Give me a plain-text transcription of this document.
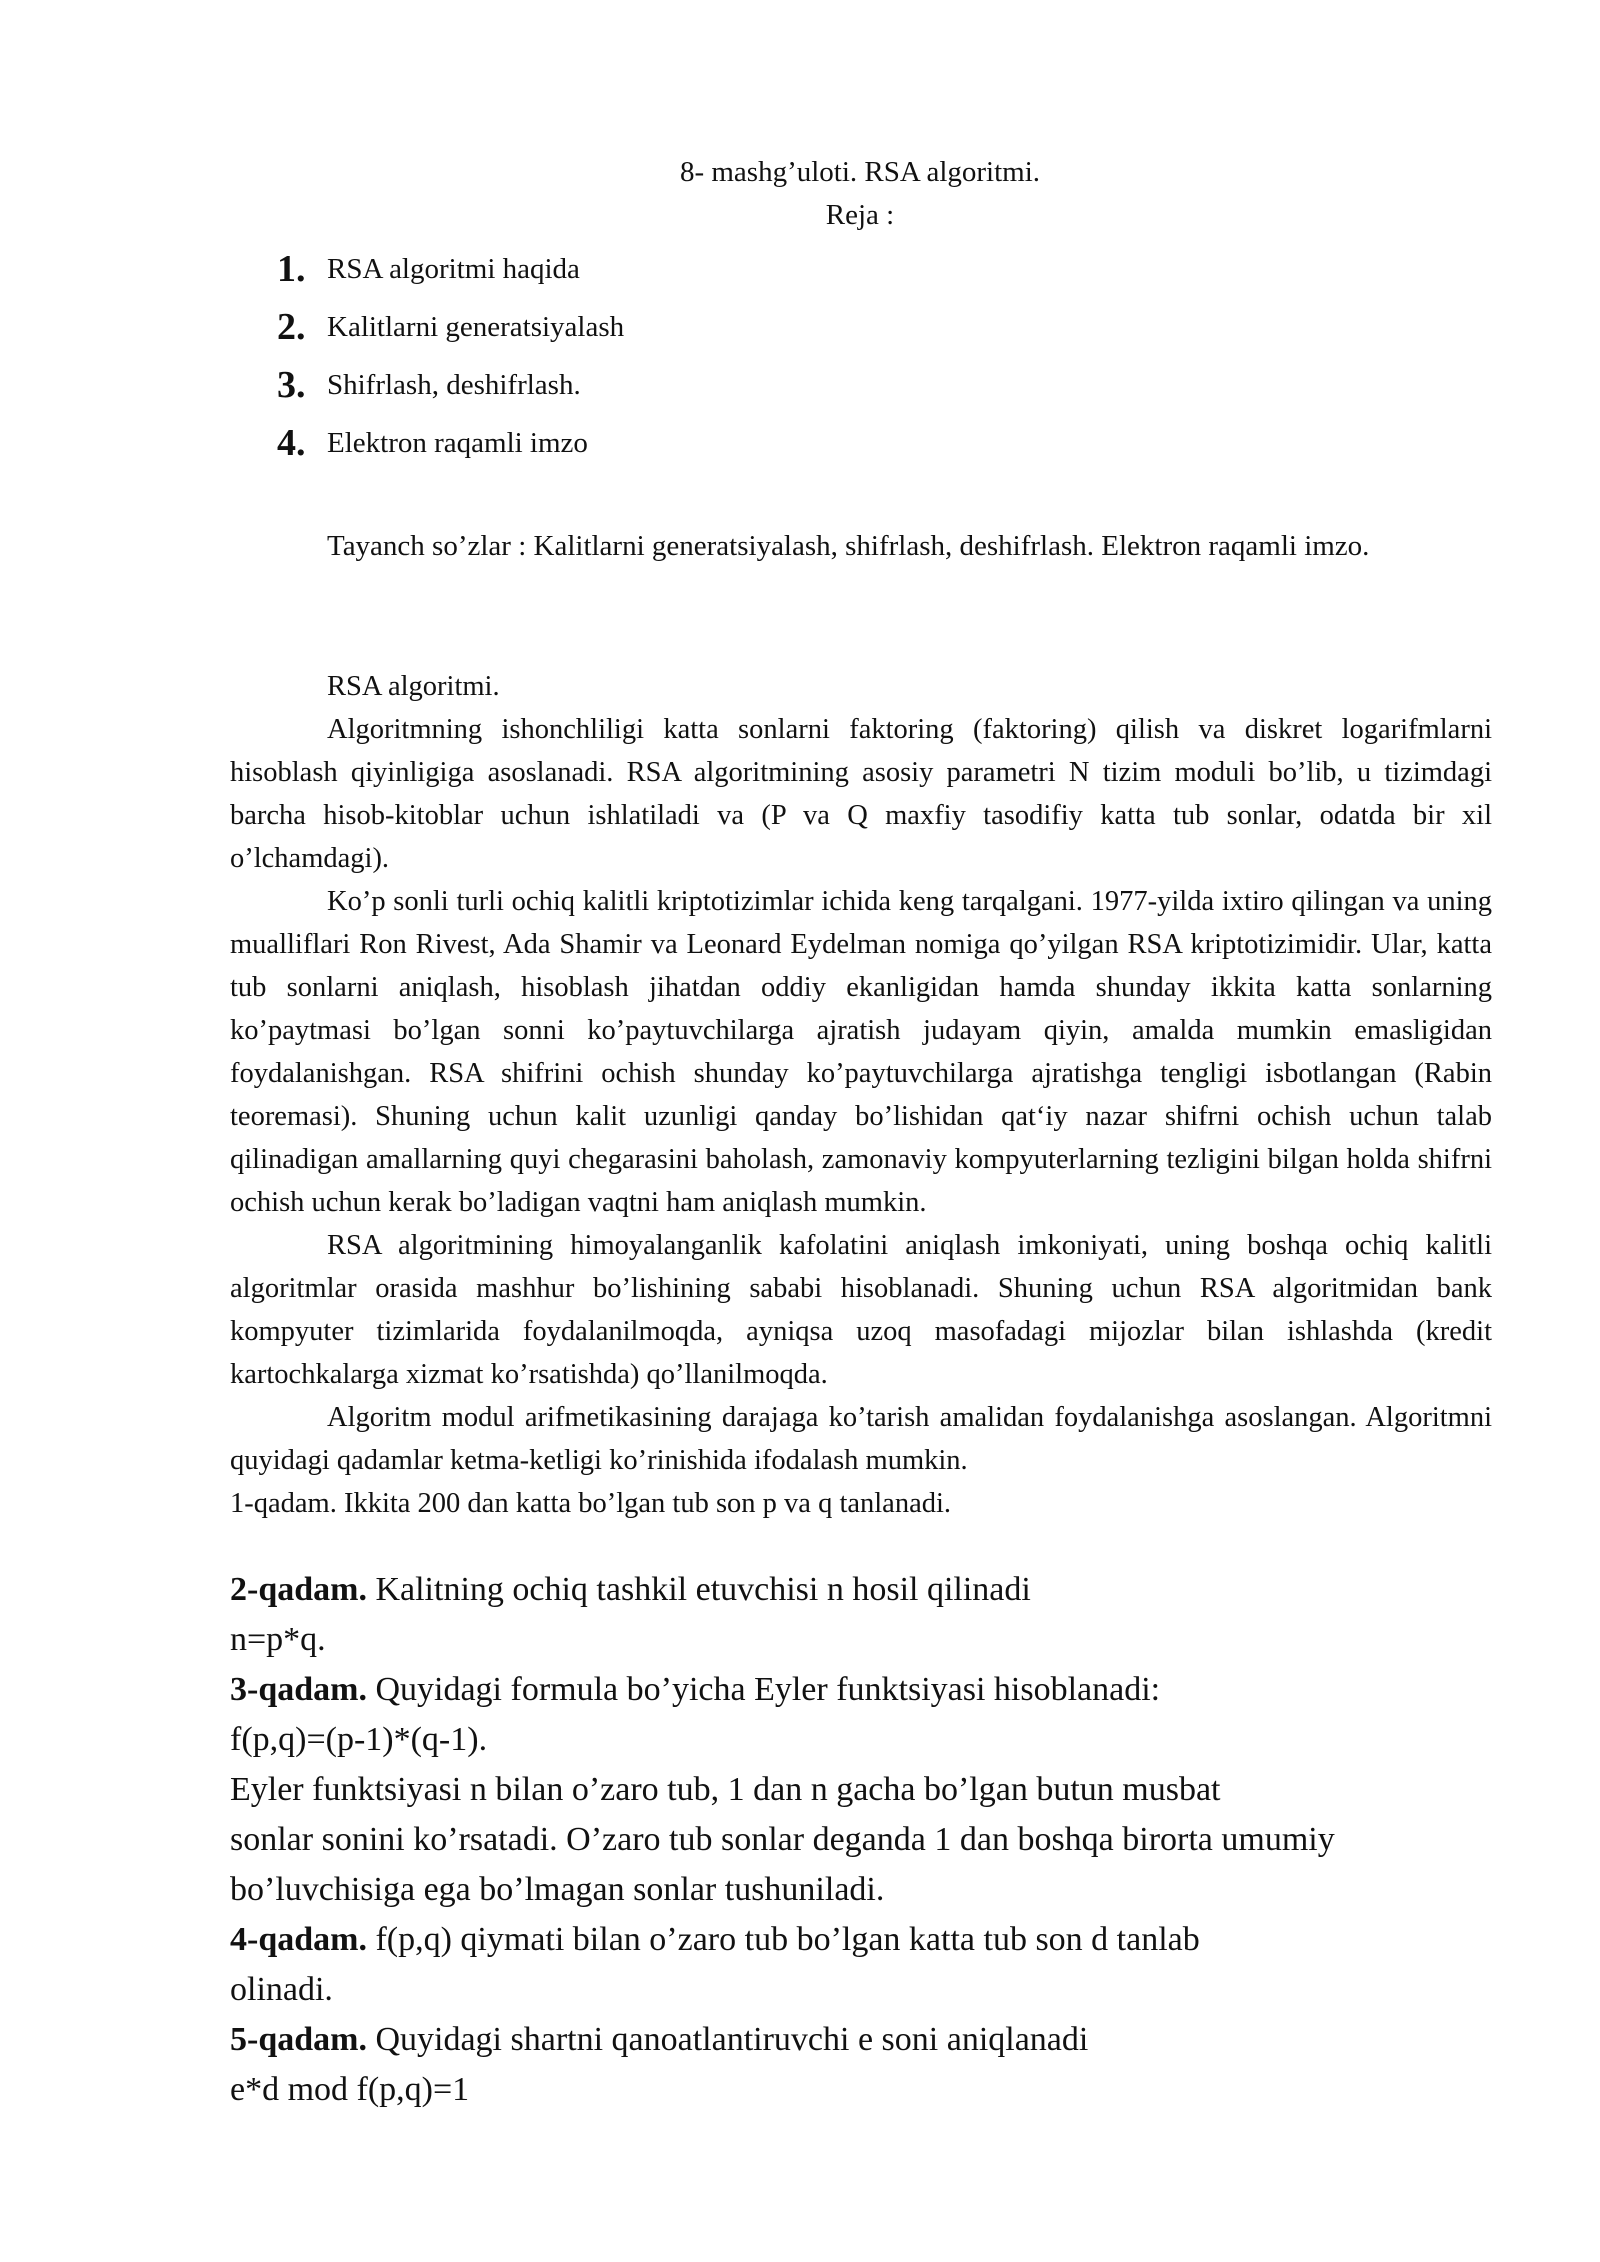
8- mashg’uloti. RSA algoritmi.
Reja :
1. RSA algoritmi haqida
2. Kalitlarni generatsiyalash
3. Shifrlash, deshifrlash.
4. Elektron raqamli imzo
Tayanch so’zlar : Kalitlarni generatsiyalash, shifrlash, deshifrlash. Elektron raqamli imzo.

RSA algoritmi.

Algoritmning ishonchliligi katta sonlarni faktoring (faktoring) qilish va diskret logarifmlarni hisoblash qiyinligiga asoslanadi. RSA algoritmining asosiy parametri N tizim moduli bo’lib, u tizimdagi barcha hisob-kitoblar uchun ishlatiladi va (P va Q maxfiy tasodifiy katta tub sonlar, odatda bir xil o’lchamdagi).

Ko’p sonli turli ochiq kalitli kriptotizimlar ichida keng tarqalgani. 1977-yilda ixtiro qilingan va uning mualliflari Ron Rivest, Ada Shamir va Leonard Eydelman nomiga qo’yilgan RSA kriptotizimidir. Ular, katta tub sonlarni aniqlash, hisoblash jihatdan oddiy ekanligidan hamda shunday ikkita katta sonlarning ko’paytmasi bo’lgan sonni ko’paytuvchilarga ajratish judayam qiyin, amalda mumkin emasligidan foydalanishgan. RSA shifrini ochish shunday ko’paytuvchilarga ajratishga tengligi isbotlangan (Rabin teoremasi). Shuning uchun kalit uzunligi qanday bo’lishidan qat‘iy nazar shifrni ochish uchun talab qilinadigan amallarning quyi chegarasini baholash, zamonaviy kompyuterlarning tezligini bilgan holda shifrni ochish uchun kerak bo’ladigan vaqtni ham aniqlash mumkin.

RSA algoritmining himoyalanganlik kafolatini aniqlash imkoniyati, uning boshqa ochiq kalitli algoritmlar orasida mashhur bo’lishining sababi hisoblanadi. Shuning uchun RSA algoritmidan bank kompyuter tizimlarida foydalanilmoqda, ayniqsa uzoq masofadagi mijozlar bilan ishlashda (kredit kartochkalarga xizmat ko’rsatishda) qo’llanilmoqda.

Algoritm modul arifmetikasining darajaga ko’tarish amalidan foydalanishga asoslangan. Algoritmni quyidagi qadamlar ketma-ketligi ko’rinishida ifodalash mumkin.

1-qadam. Ikkita 200 dan katta bo’lgan tub son p va q tanlanadi.

2-qadam. Kalitning ochiq tashkil etuvchisi n hosil qilinadi

n=p*q.

3-qadam. Quyidagi formula bo’yicha Eyler funktsiyasi hisoblanadi:

f(p,q)=(p-1)*(q-1).

Eyler funktsiyasi n bilan o’zaro tub, 1 dan n gacha bo’lgan butun musbat

sonlar sonini ko’rsatadi. O’zaro tub sonlar deganda 1 dan boshqa birorta umumiy

bo’luvchisiga ega bo’lmagan sonlar tushuniladi.

4-qadam. f(p,q) qiymati bilan o’zaro tub bo’lgan katta tub son d tanlab

olinadi.

5-qadam. Quyidagi shartni qanoatlantiruvchi e soni aniqlanadi

e*d mod f(p,q)=1
